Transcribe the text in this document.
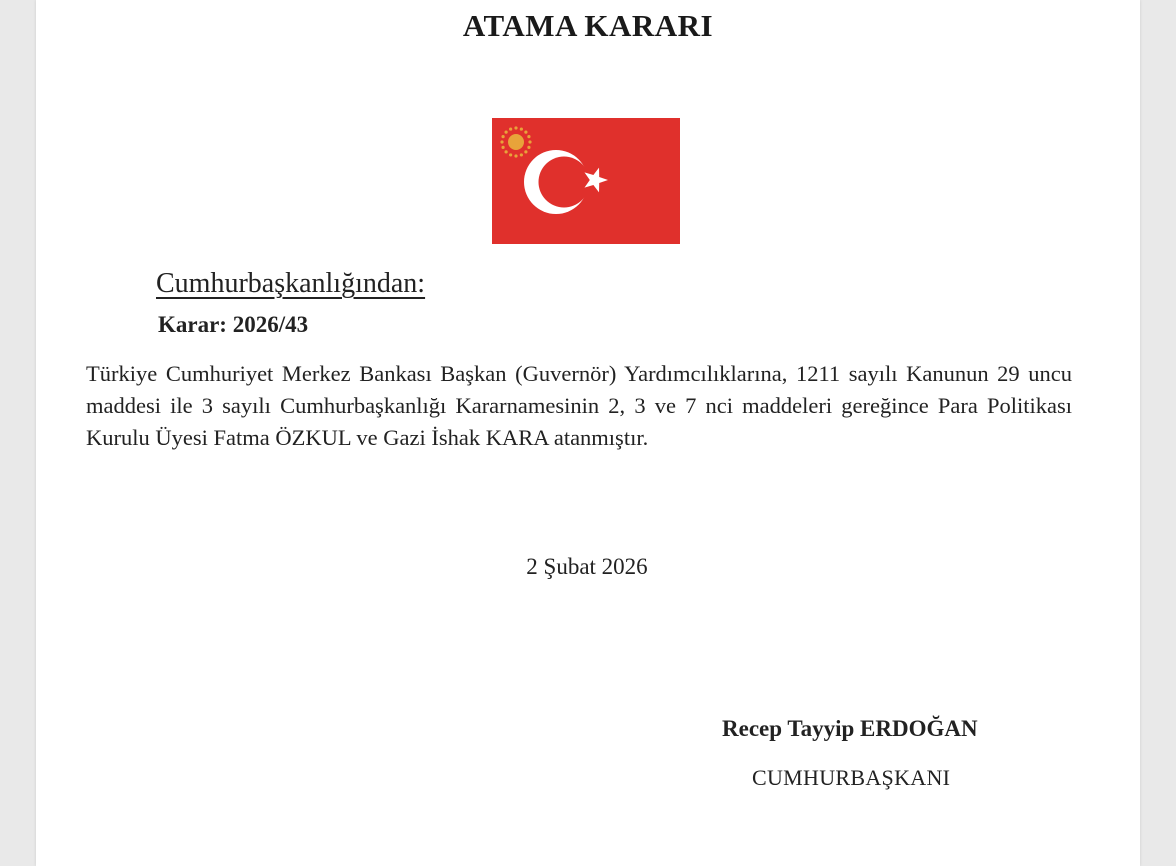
ATAMA KARARI
Cumhurbaşkanlığından:
Karar: 2026/43
Türkiye Cumhuriyet Merkez Bankası Başkan (Guvernör) Yardımcılıklarına, 1211 sayılı Kanunun 29 uncu maddesi ile 3 sayılı Cumhurbaşkanlığı Kararnamesinin 2, 3 ve 7 nci maddeleri gereğince Para Politikası Kurulu Üyesi Fatma ÖZKUL ve Gazi İshak KARA atanmıştır.
2 Şubat 2026
Recep Tayyip ERDOĞAN
CUMHURBAŞKANI
